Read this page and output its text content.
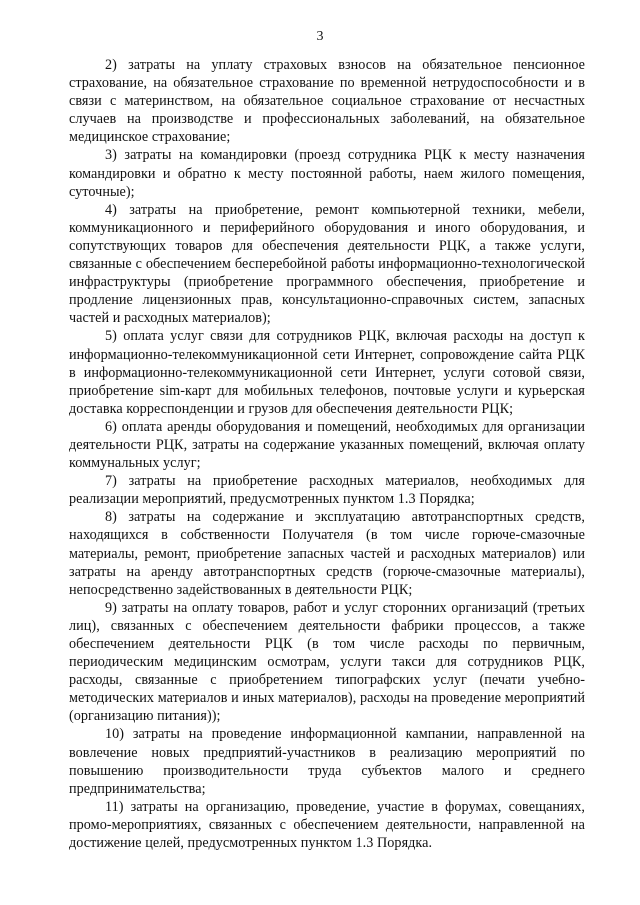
3

2) затраты на уплату страховых взносов на обязательное пенсионное страхование, на обязательное страхование по временной нетрудоспособности и в связи с материнством, на обязательное социальное страхование от несчастных случаев на производстве и профессиональных заболеваний, на обязательное медицинское страхование;

3) затраты на командировки (проезд сотрудника РЦК к месту назначения командировки и обратно к месту постоянной работы, наем жилого помещения, суточные);

4) затраты на приобретение, ремонт компьютерной техники, мебели, коммуникационного и периферийного оборудования и иного оборудования, и сопутствующих товаров для обеспечения деятельности РЦК, а также услуги, связанные с обеспечением бесперебойной работы информационно-технологической инфраструктуры (приобретение программного обеспечения, приобретение и продление лицензионных прав, консультационно-справочных систем, запасных частей и расходных материалов);

5) оплата услуг связи для сотрудников РЦК, включая расходы на доступ к информационно-телекоммуникационной сети Интернет, сопровождение сайта РЦК в информационно-телекоммуникационной сети Интернет, услуги сотовой связи, приобретение sim-карт для мобильных телефонов, почтовые услуги и курьерская доставка корреспонденции и грузов для обеспечения деятельности РЦК;

6) оплата аренды оборудования и помещений, необходимых для организации деятельности РЦК, затраты на содержание указанных помещений, включая оплату коммунальных услуг;

7) затраты на приобретение расходных материалов, необходимых для реализации мероприятий, предусмотренных пунктом 1.3 Порядка;

8) затраты на содержание и эксплуатацию автотранспортных средств, находящихся в собственности Получателя (в том числе горюче-смазочные материалы, ремонт, приобретение запасных частей и расходных материалов) или затраты на аренду автотранспортных средств (горюче-смазочные материалы), непосредственно задействованных в деятельности РЦК;

9) затраты на оплату товаров, работ и услуг сторонних организаций (третьих лиц), связанных с обеспечением деятельности фабрики процессов, а также обеспечением деятельности РЦК (в том числе расходы по первичным, периодическим медицинским осмотрам, услуги такси для сотрудников РЦК, расходы, связанные с приобретением типографских услуг (печати учебно-методических материалов и иных материалов), расходы на проведение мероприятий (организацию питания));

10) затраты на проведение информационной кампании, направленной на вовлечение новых предприятий-участников в реализацию мероприятий по повышению производительности труда субъектов малого и среднего предпринимательства;

11) затраты на организацию, проведение, участие в форумах, совещаниях, промо-мероприятиях, связанных с обеспечением деятельности, направленной на достижение целей, предусмотренных пунктом 1.3 Порядка.
